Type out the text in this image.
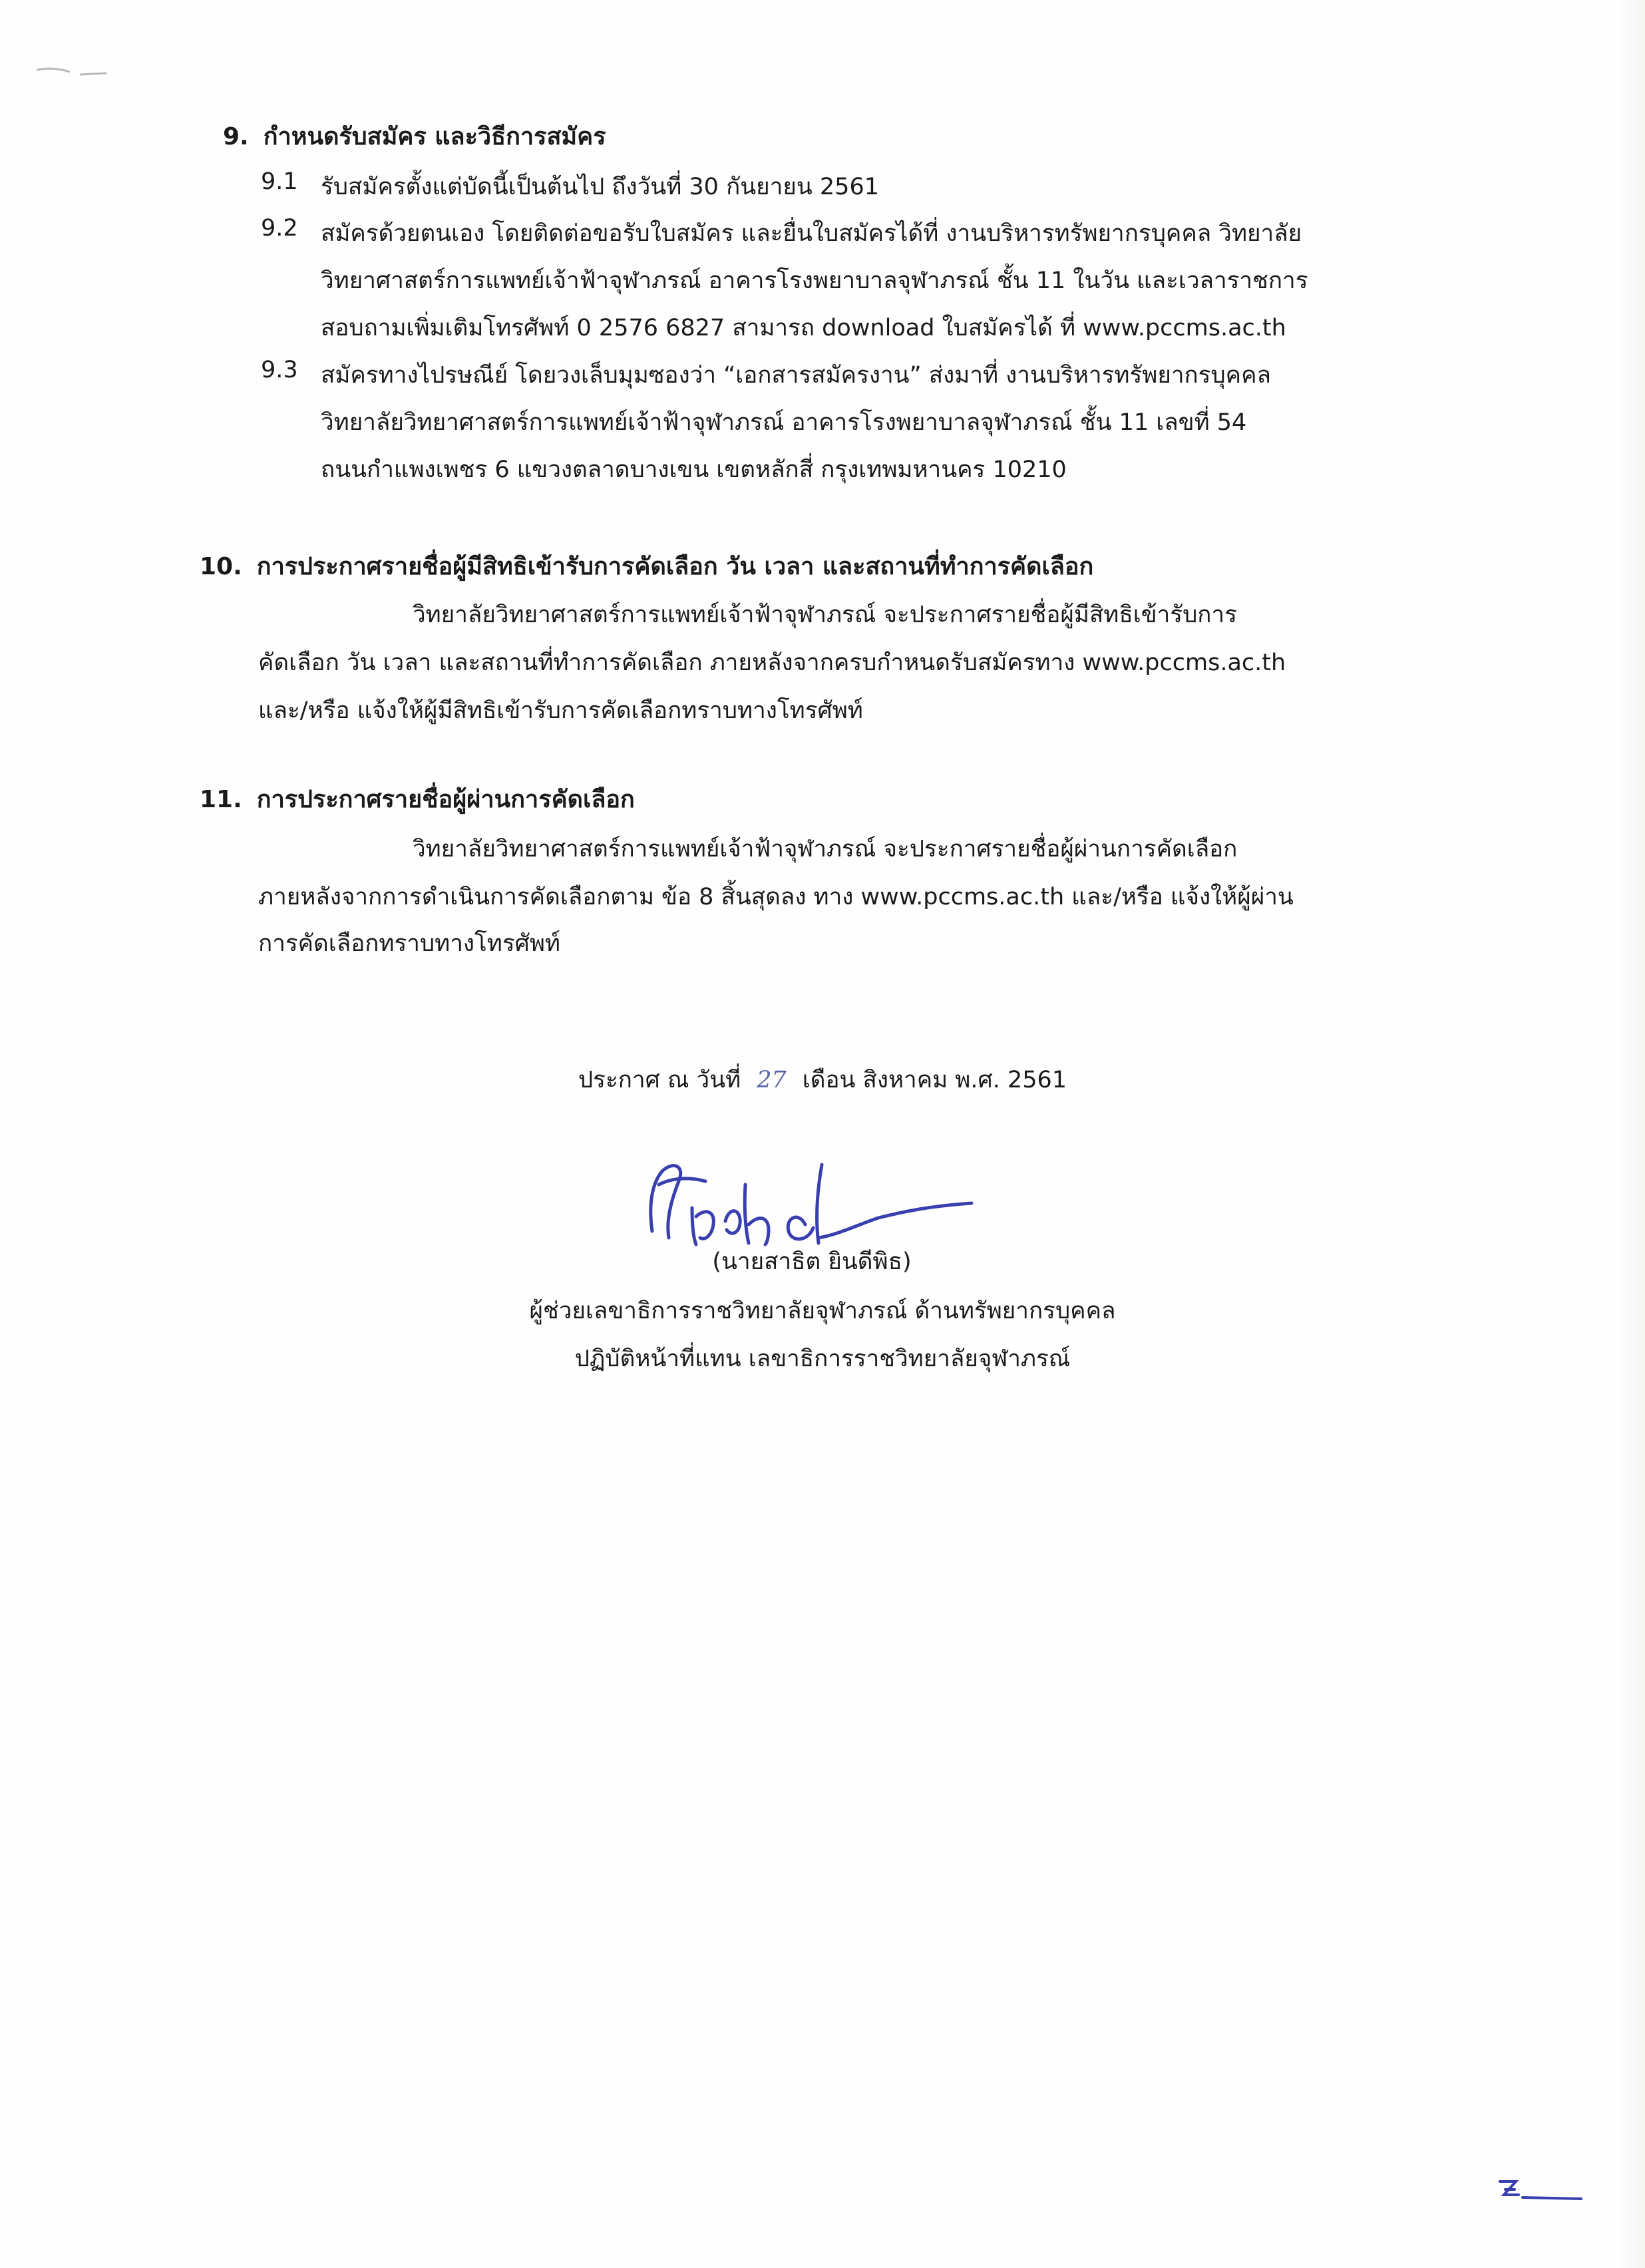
9. กำหนดรับสมัคร และวิธีการสมัคร
9.1 รับสมัครตั้งแต่บัดนี้เป็นต้นไป ถึงวันที่ 30 กันยายน 2561
9.2 สมัครด้วยตนเอง โดยติดต่อขอรับใบสมัคร และยื่นใบสมัครได้ที่ งานบริหารทรัพยากรบุคคล วิทยาลัย
วิทยาศาสตร์การแพทย์เจ้าฟ้าจุฬาภรณ์ อาคารโรงพยาบาลจุฬาภรณ์ ชั้น 11 ในวัน และเวลาราชการ
สอบถามเพิ่มเติมโทรศัพท์ 0 2576 6827 สามารถ download ใบสมัครได้ ที่ www.pccms.ac.th
9.3 สมัครทางไปรษณีย์ โดยวงเล็บมุมซองว่า “เอกสารสมัครงาน” ส่งมาที่ งานบริหารทรัพยากรบุคคล
วิทยาลัยวิทยาศาสตร์การแพทย์เจ้าฟ้าจุฬาภรณ์ อาคารโรงพยาบาลจุฬาภรณ์ ชั้น 11 เลขที่ 54
ถนนกำแพงเพชร 6 แขวงตลาดบางเขน เขตหลักสี่ กรุงเทพมหานคร 10210
10. การประกาศรายชื่อผู้มีสิทธิเข้ารับการคัดเลือก วัน เวลา และสถานที่ทำการคัดเลือก
วิทยาลัยวิทยาศาสตร์การแพทย์เจ้าฟ้าจุฬาภรณ์ จะประกาศรายชื่อผู้มีสิทธิเข้ารับการ
คัดเลือก วัน เวลา และสถานที่ทำการคัดเลือก ภายหลังจากครบกำหนดรับสมัครทาง www.pccms.ac.th
และ/หรือ แจ้งให้ผู้มีสิทธิเข้ารับการคัดเลือกทราบทางโทรศัพท์
11. การประกาศรายชื่อผู้ผ่านการคัดเลือก
วิทยาลัยวิทยาศาสตร์การแพทย์เจ้าฟ้าจุฬาภรณ์ จะประกาศรายชื่อผู้ผ่านการคัดเลือก
ภายหลังจากการดำเนินการคัดเลือกตาม ข้อ 8 สิ้นสุดลง ทาง www.pccms.ac.th และ/หรือ แจ้งให้ผู้ผ่าน
การคัดเลือกทราบทางโทรศัพท์
ประกาศ ณ วันที่ 27 เดือน สิงหาคม พ.ศ. 2561
(นายสาธิต ยินดีพิธ)
ผู้ช่วยเลขาธิการราชวิทยาลัยจุฬาภรณ์ ด้านทรัพยากรบุคคล
ปฏิบัติหน้าที่แทน เลขาธิการราชวิทยาลัยจุฬาภรณ์
